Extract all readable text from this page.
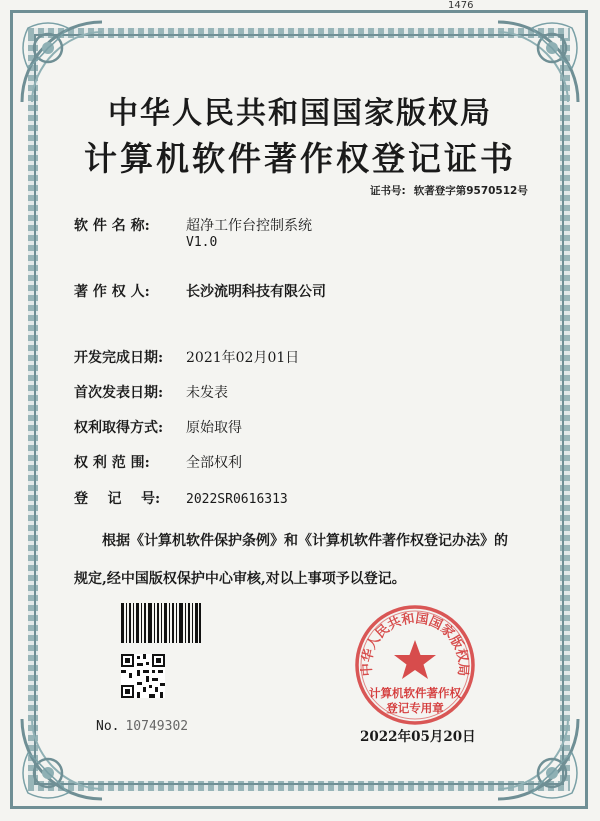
1476
中华人民共和国国家版权局
计算机软件著作权登记证书
证书号: 软著登字第9570512号
软 件 名 称:	超净工作台控制系统
V1.0
著 作 权 人:	长沙流明科技有限公司
开发完成日期: 2021年02月01日
首次发表日期: 未发表
权利取得方式: 原始取得
权 利 范 围:	全部权利
登    记    号: 2022SR0616313

根据《计算机软件保护条例》和《计算机软件著作权登记办法》的

规定,经中国版权保护中心审核,对以上事项予以登记。

No. 10749302
中华人民共和国国家版权局
计算机软件著作权
登记专用章
2022年05月20日
